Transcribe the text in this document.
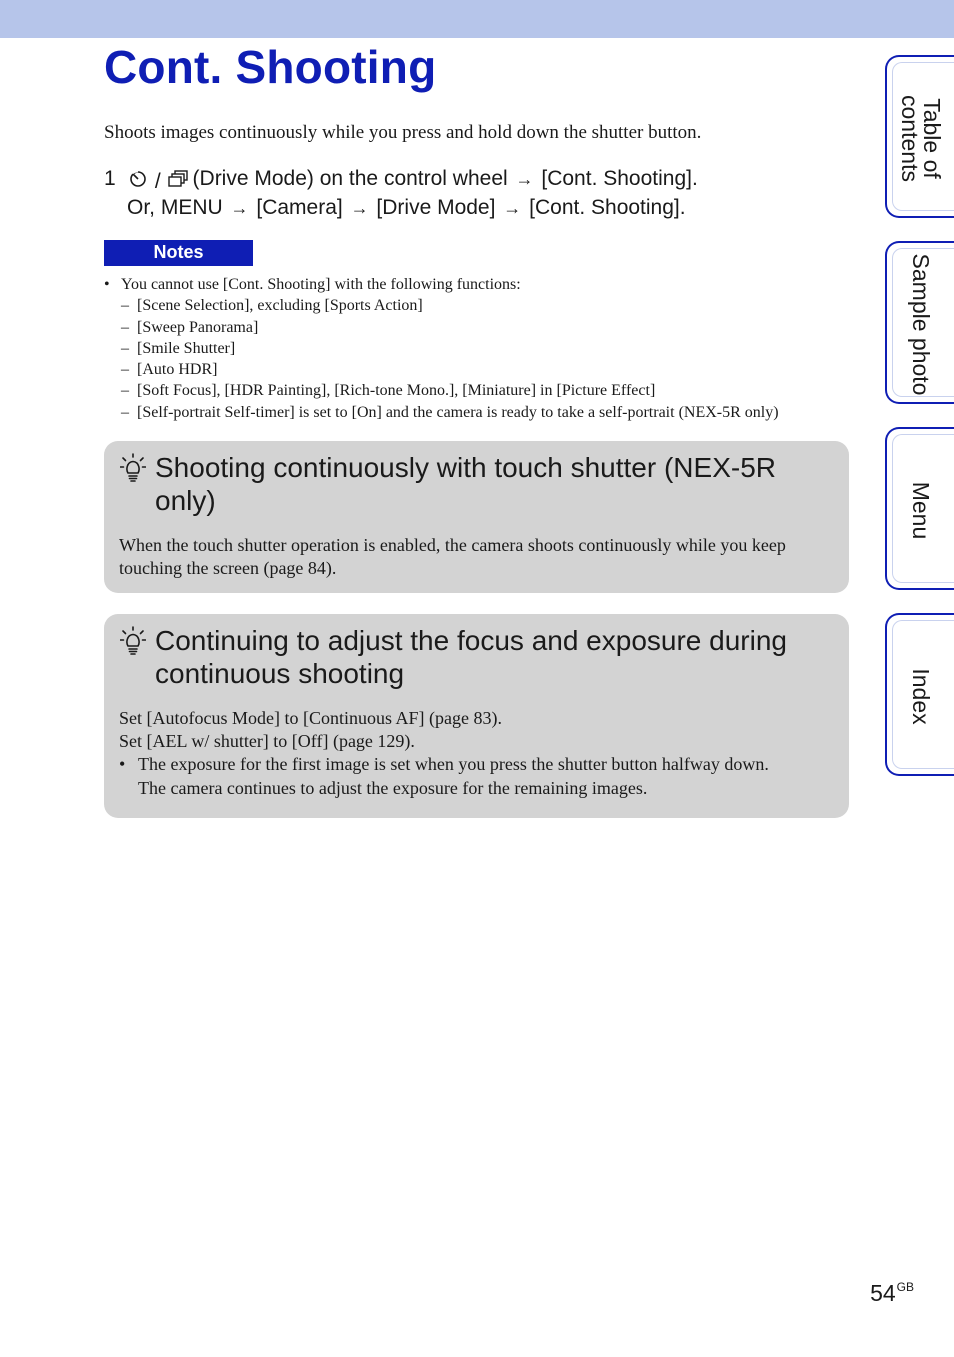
Cont. Shooting
Shoots images continuously while you press and hold down the shutter button.
1	/ (Drive Mode) on the control wheel → [Cont. Shooting].
Or, MENU → [Camera] → [Drive Mode] → [Cont. Shooting].
Notes
• You cannot use [Cont. Shooting] with the following functions:
– [Scene Selection], excluding [Sports Action]
– [Sweep Panorama]
– [Smile Shutter]
– [Auto HDR]
– [Soft Focus], [HDR Painting], [Rich-tone Mono.], [Miniature] in [Picture Effect]
– [Self-portrait Self-timer] is set to [On] and the camera is ready to take a self-portrait (NEX-5R only)
Shooting continuously with touch shutter (NEX-5R only)
When the touch shutter operation is enabled, the camera shoots continuously while you keep touching the screen (page 84).
Continuing to adjust the focus and exposure during continuous shooting
Set [Autofocus Mode] to [Continuous AF] (page 83).
Set [AEL w/ shutter] to [Off] (page 129).
• The exposure for the first image is set when you press the shutter button halfway down.
The camera continues to adjust the exposure for the remaining images.
Table of
contents
Sample photo
Menu
Index
$54^{GB}$
